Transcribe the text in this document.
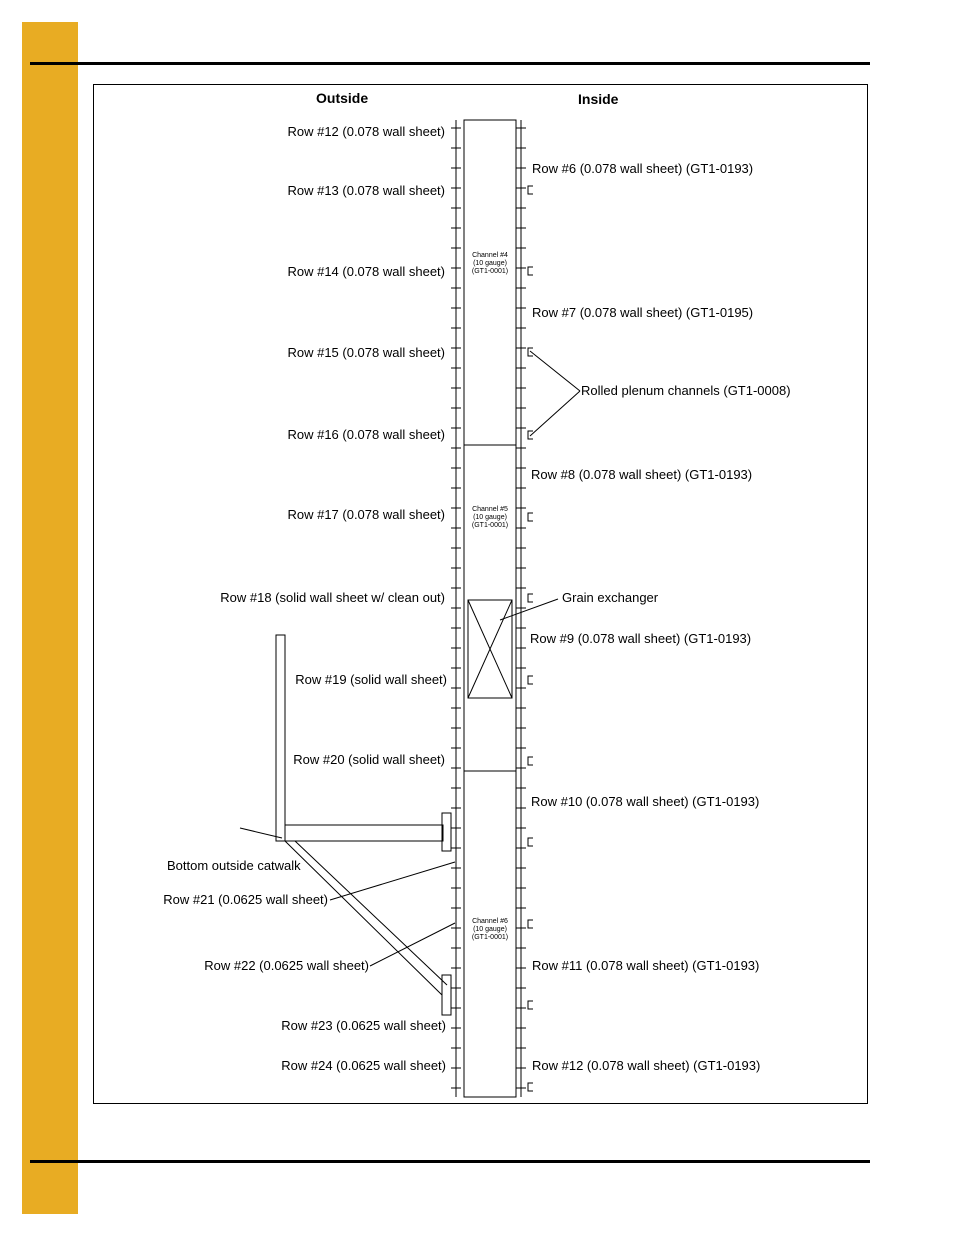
Outside	Inside
Row #12 (0.078 wall sheet)
Row #13 (0.078 wall sheet)
Row #14 (0.078 wall sheet)
Row #15 (0.078 wall sheet)
Row #16 (0.078 wall sheet)
Row #17 (0.078 wall sheet)
Row #18 (solid wall sheet w/ clean out)
Row #19 (solid wall sheet)
Row #20 (solid wall sheet)
Row #21 (0.0625 wall sheet)
Row #22 (0.0625 wall sheet)
Row #23 (0.0625 wall sheet)
Row #24 (0.0625 wall sheet)
Row #6 (0.078 wall sheet) (GT1-0193)
Row #7 (0.078 wall sheet) (GT1-0195)
Row #8 (0.078 wall sheet) (GT1-0193)
Row #9 (0.078 wall sheet) (GT1-0193)
Row #10 (0.078 wall sheet) (GT1-0193)
Row #11 (0.078 wall sheet) (GT1-0193)
Row #12 (0.078 wall sheet) (GT1-0193)
Rolled plenum channels (GT1-0008)
Grain exchanger
Bottom outside catwalk
Channel #4
(10 gauge)
(GT1-0001)
Channel #5
(10 gauge)
(GT1-0001)
Channel #6
(10 gauge)
(GT1-0001)
